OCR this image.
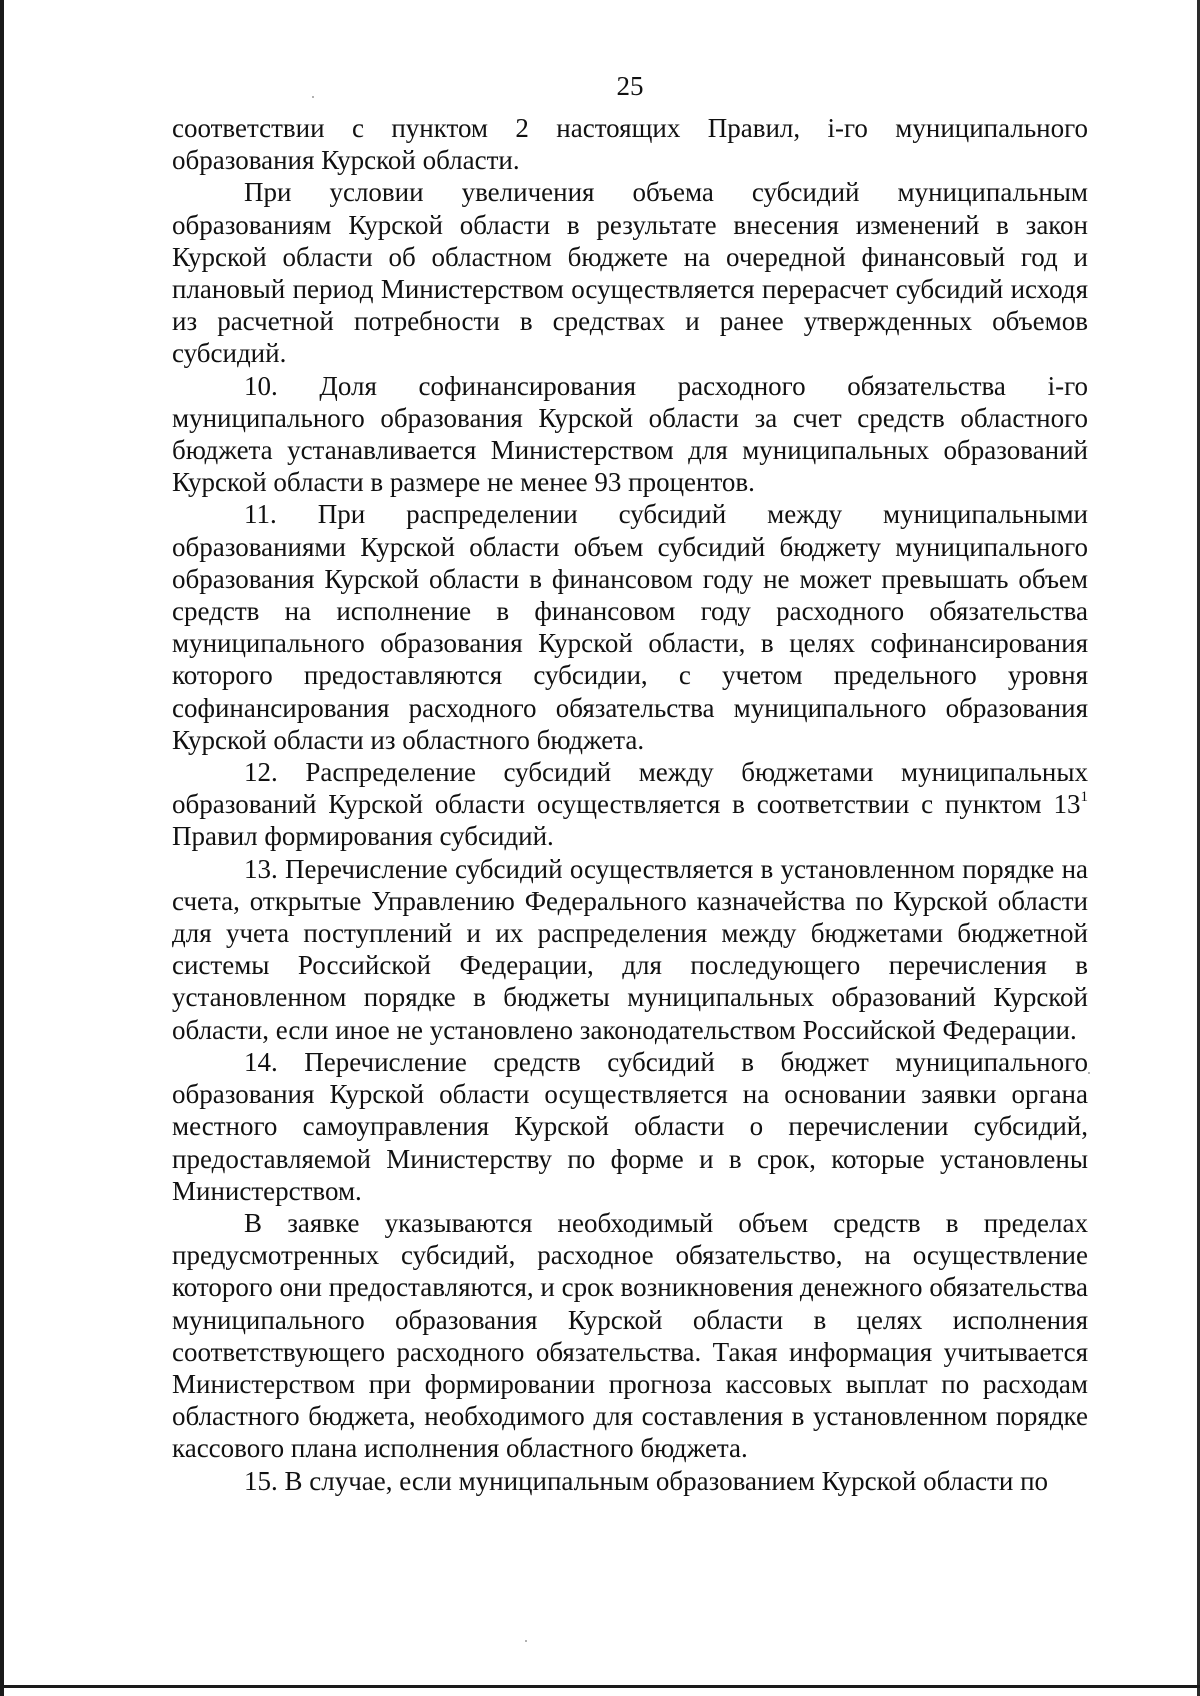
25

соответствии с пунктом 2 настоящих Правил, i-го муниципального образования Курской области.

При условии увеличения объема субсидий муниципальным образованиям Курской области в результате внесения изменений в закон Курской области об областном бюджете на очередной финансовый год и плановый период Министерством осуществляется перерасчет субсидий исходя из расчетной потребности в средствах и ранее утвержденных объемов субсидий.

10. Доля софинансирования расходного обязательства i-го муниципального образования Курской области за счет средств областного бюджета устанавливается Министерством для муниципальных образований Курской области в размере не менее 93 процентов.

11. При распределении субсидий между муниципальными образованиями Курской области объем субсидий бюджету муниципального образования Курской области в финансовом году не может превышать объем средств на исполнение в финансовом году расходного обязательства муниципального образования Курской области, в целях софинансирования которого предоставляются субсидии, с учетом предельного уровня софинансирования расходного обязательства муниципального образования Курской области из областного бюджета.

12. Распределение субсидий между бюджетами муниципальных образований Курской области осуществляется в соответствии с пунктом 13$^1$ Правил формирования субсидий.

13. Перечисление субсидий осуществляется в установленном порядке на счета, открытые Управлению Федерального казначейства по Курской области для учета поступлений и их распределения между бюджетами бюджетной системы Российской Федерации, для последующего перечисления в установленном порядке в бюджеты муниципальных образований Курской области, если иное не установлено законодательством Российской Федерации.

14. Перечисление средств субсидий в бюджет муниципального образования Курской области осуществляется на основании заявки органа местного самоуправления Курской области о перечислении субсидий, предоставляемой Министерству по форме и в срок, которые установлены Министерством.

В заявке указываются необходимый объем средств в пределах предусмотренных субсидий, расходное обязательство, на осуществление которого они предоставляются, и срок возникновения денежного обязательства муниципального образования Курской области в целях исполнения соответствующего расходного обязательства. Такая информация учитывается Министерством при формировании прогноза кассовых выплат по расходам областного бюджета, необходимого для составления в установленном порядке кассового плана исполнения областного бюджета.

15. В случае, если муниципальным образованием Курской области по
